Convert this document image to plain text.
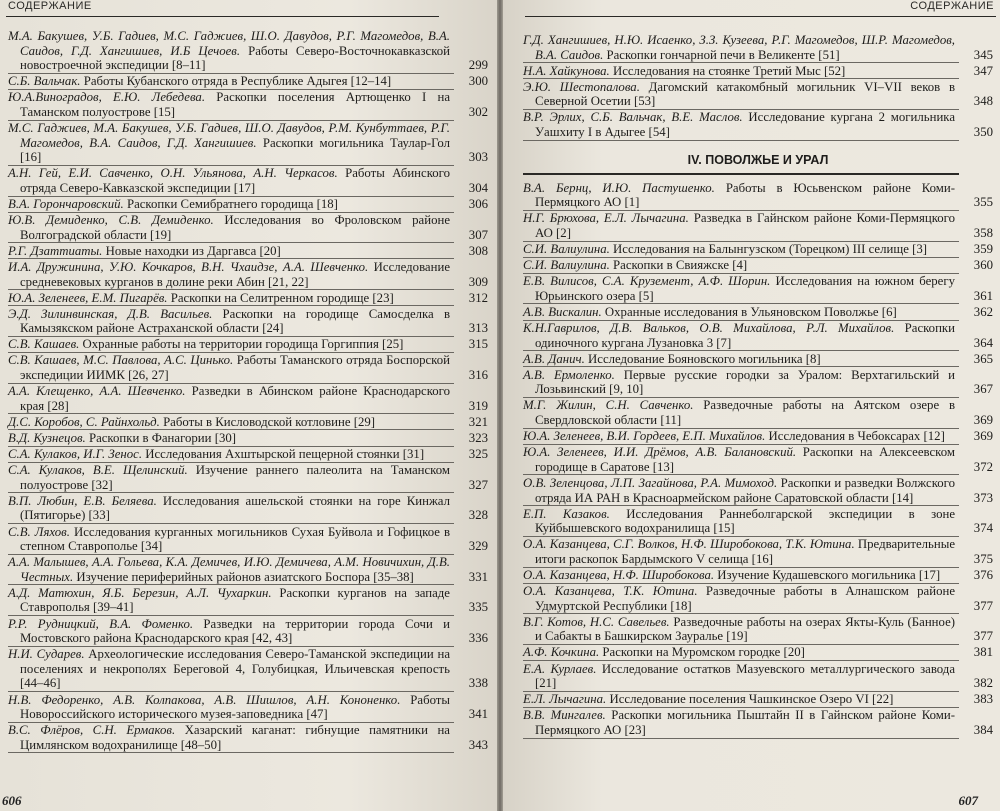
СОДЕРЖАНИЕ
М.А. Бакушев, У.Б. Гадиев, М.С. Гаджиев, Ш.О. Давудов, Р.Г. Магомедов, В.А. Саидов, Г.Д. Хангишиев, И.Б Цечоев. Работы Северо-Восточнокавказской новостроечной экспедиции [8–11]	299
С.Б. Вальчак. Работы Кубанского отряда в Республике Адыгея [12–14]	300
Ю.А.Виноградов, Е.Ю. Лебедева. Раскопки поселения Артющенко I на Таманском полуострове [15]	302
М.С. Гаджиев, М.А. Бакушев, У.Б. Гадиев, Ш.О. Давудов, Р.М. Кунбуттаев, Р.Г. Магомедов, В.А. Саидов, Г.Д. Хангишиев. Раскопки могильника Таулар-Гол [16]	303
А.Н. Гей, Е.И. Савченко, О.Н. Ульянова, А.Н. Черкасов. Работы Абинского отряда Северо-Кавказской экспедиции [17]	304
В.А. Горончаровский. Раскопки Семибратнего городища [18]	306
Ю.В. Демиденко, С.В. Демиденко. Исследования во Фроловском районе Волгоградской области [19]	307
Р.Г. Дзаттиаты. Новые находки из Даргавса [20]	308
И.А. Дружинина, У.Ю. Кочкаров, В.Н. Чхаидзе, А.А. Шевченко. Исследование средневековых курганов в долине реки Абин [21, 22]	309
Ю.А. Зеленеев, Е.М. Пигарёв. Раскопки на Селитренном городище [23]	312
Э.Д. Зилинвинская, Д.В. Васильев. Раскопки на городище Самосделка в Камызякском районе Астраханской области [24]	313
С.В. Кашаев. Охранные работы на территории городища Горгиппия [25]	315
С.В. Кашаев, М.С. Павлова, А.С. Цинько. Работы Таманского отряда Боспорской экспедиции ИИМК [26, 27]	316
А.А. Клещенко, А.А. Шевченко. Разведки в Абинском районе Краснодарского края [28]	319
Д.С. Коробов, С. Райнхольд. Работы в Кисловодской котловине [29]	321
В.Д. Кузнецов. Раскопки в Фанагории [30]	323
С.А. Кулаков, И.Г. Зенос. Исследования Ахштырской пещерной стоянки [31]	325
С.А. Кулаков, В.Е. Щелинский. Изучение раннего палеолита на Таманском полуострове [32]	327
В.П. Любин, Е.В. Беляева. Исследования ашельской стоянки на горе Кинжал (Пятигорье) [33]	328
С.В. Ляхов. Исследования курганных могильников Сухая Буйвола и Гофицкое в степном Ставрополье [34]	329
А.А. Малышев, А.А. Гольева, К.А. Демичев, И.Ю. Демичева, А.М. Новичихин, Д.В. Честных. Изучение периферийных районов азиатского Боспора [35–38]	331
А.Д. Матюхин, Я.Б. Березин, А.Л. Чухаркин. Раскопки курганов на западе Ставрополья [39–41]	335
Р.Р. Рудницкий, В.А. Фоменко. Разведки на территории города Сочи и Мостовского района Краснодарского края [42, 43]	336
Н.И. Сударев. Археологические исследования Северо-Таманской экспедиции на поселениях и некрополях Береговой 4, Голубицкая, Ильичевская крепость [44–46]	338
Н.В. Федоренко, А.В. Колпакова, А.В. Шишлов, А.Н. Кононенко. Работы Новороссийского исторического музея-заповедника [47]	341
В.С. Флёров, С.Н. Ермаков. Хазарский каганат: гибнущие памятники на Цимлянском водохранилище [48–50]	343
606
СОДЕРЖАНИЕ
Г.Д. Хангишиев, Н.Ю. Исаенко, З.З. Кузеева, Р.Г. Магомедов, Ш.Р. Магомедов, В.А. Саидов. Раскопки гончарной печи в Великенте [51]	345
Н.А. Хайкунова. Исследования на стоянке Третий Мыс [52]	347
Э.Ю. Шестопалова. Дагомский катакомбный могильник VI–VII веков в Северной Осетии [53]	348
В.Р. Эрлих, С.Б. Вальчак, В.Е. Маслов. Исследование кургана 2 могильника Уашхиту I в Адыгее [54]	350
IV. ПОВОЛЖЬЕ И УРАЛ
В.А. Бернц, И.Ю. Пастушенко. Работы в Юсьвенском районе Коми-Пермяцкого АО [1]	355
Н.Г. Брюхова, Е.Л. Лычагина. Разведка в Гайнском районе Коми-Пермяцкого АО [2]	358
С.И. Валиулина. Исследования на Балынгузском (Торецком) III селище [3]	359
С.И. Валиулина. Раскопки в Свияжске [4]	360
Е.В. Вилисов, С.А. Круземент, А.Ф. Шорин. Исследования на южном берегу Юрьинского озера [5]	361
А.В. Вискалин. Охранные исследования в Ульяновском Поволжье [6]	362
К.Н.Гаврилов, Д.В. Вальков, О.В. Михайлова, Р.Л. Михайлов. Раскопки одиночного кургана Лузановка 3 [7]	364
А.В. Данич. Исследование Бояновского могильника [8]	365
А.В. Ермоленко. Первые русские городки за Уралом: Верхтагильский и Лозьвинский [9, 10]	367
М.Г. Жилин, С.Н. Савченко. Разведочные работы на Аятском озере в Свердловской области [11]	369
Ю.А. Зеленеев, В.И. Гордеев, Е.П. Михайлов. Исследования в Чебоксарах [12]	369
Ю.А. Зеленеев, И.И. Дрёмов, А.В. Балановский. Раскопки на Алексеевском городище в Саратове [13]	372
О.В. Зеленцова, Л.П. Загайнова, Р.А. Мимоход. Раскопки и разведки Волжского отряда ИА РАН в Красноармейском районе Саратовской области [14]	373
Е.П. Казаков. Исследования Раннеболгарской экспедиции в зоне Куйбышевского водохранилища [15]	374
О.А. Казанцева, С.Г. Волков, Н.Ф. Широбокова, Т.К. Ютина. Предварительные итоги раскопок Бардымского V селища [16]	375
О.А. Казанцева, Н.Ф. Широбокова. Изучение Кудашевского могильника [17]	376
О.А. Казанцева, Т.К. Ютина. Разведочные работы в Алнашском районе Удмуртской Республики [18]	377
В.Г. Котов, Н.С. Савельев. Разведочные работы на озерах Якты-Куль (Банное) и Сабакты в Башкирском Зауралье [19]	377
А.Ф. Кочкина. Раскопки на Муромском городке [20]	381
Е.А. Курлаев. Исследование остатков Мазуевского металлургического завода [21]	382
Е.Л. Лычагина. Исследование поселения Чашкинское Озеро VI [22]	383
В.В. Мингалев. Раскопки могильника Пыштайн II в Гайнском районе Коми-Пермяцкого АО [23]	384
607
